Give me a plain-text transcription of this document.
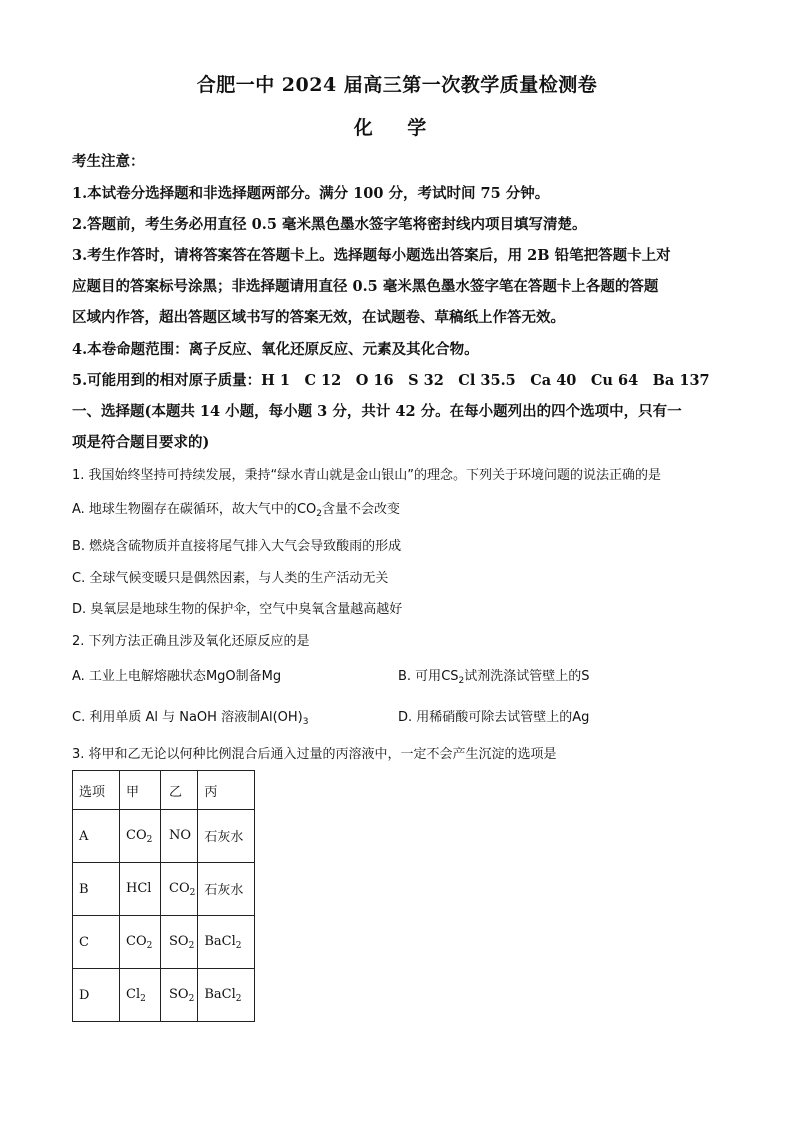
合肥一中 2024 届高三第一次教学质量检测卷
化 学
考生注意：
1.本试卷分选择题和非选择题两部分。满分 100 分，考试时间 75 分钟。
2.答题前，考生务必用直径 0.5 毫米黑色墨水签字笔将密封线内项目填写清楚。
3.考生作答时，请将答案答在答题卡上。选择题每小题选出答案后，用 2B 铅笔把答题卡上对
应题目的答案标号涂黑；非选择题请用直径 0.5 毫米黑色墨水签字笔在答题卡上各题的答题
区域内作答，超出答题区域书写的答案无效，在试题卷、草稿纸上作答无效。
4.本卷命题范围：离子反应、氧化还原反应、元素及其化合物。
5.可能用到的相对原子质量：H 1　C 12　O 16　S 32　Cl 35.5　Ca 40　Cu 64　Ba 137
一、选择题(本题共 14 小题，每小题 3 分，共计 42 分。在每小题列出的四个选项中，只有一
项是符合题目要求的)
1. 我国始终坚持可持续发展，秉持“绿水青山就是金山银山”的理念。下列关于环境问题的说法正确的是
A. 地球生物圈存在碳循环，故大气中的$CO_2$含量不会改变
B. 燃烧含硫物质并直接将尾气排入大气会导致酸雨的形成
C. 全球气候变暖只是偶然因素，与人类的生产活动无关
D. 臭氧层是地球生物的保护伞，空气中臭氧含量越高越好
2. 下列方法正确且涉及氧化还原反应的是
A. 工业上电解熔融状态MgO制备Mg	B. 可用$CS_2$试剂洗涤试管壁上的S
C. 利用单质 Al 与 NaOH 溶液制$Al(OH)_3$	D. 用稀硝酸可除去试管壁上的Ag
3. 将甲和乙无论以何种比例混合后通入过量的丙溶液中，一定不会产生沉淀的选项是
选项	甲	乙	丙
A	$CO_2$	NO	石灰水
B	HCl	$CO_2$	石灰水
C	$CO_2$	$SO_2$	BaCl$_2$
D	$Cl_2$	$SO_2$	BaCl$_2$
